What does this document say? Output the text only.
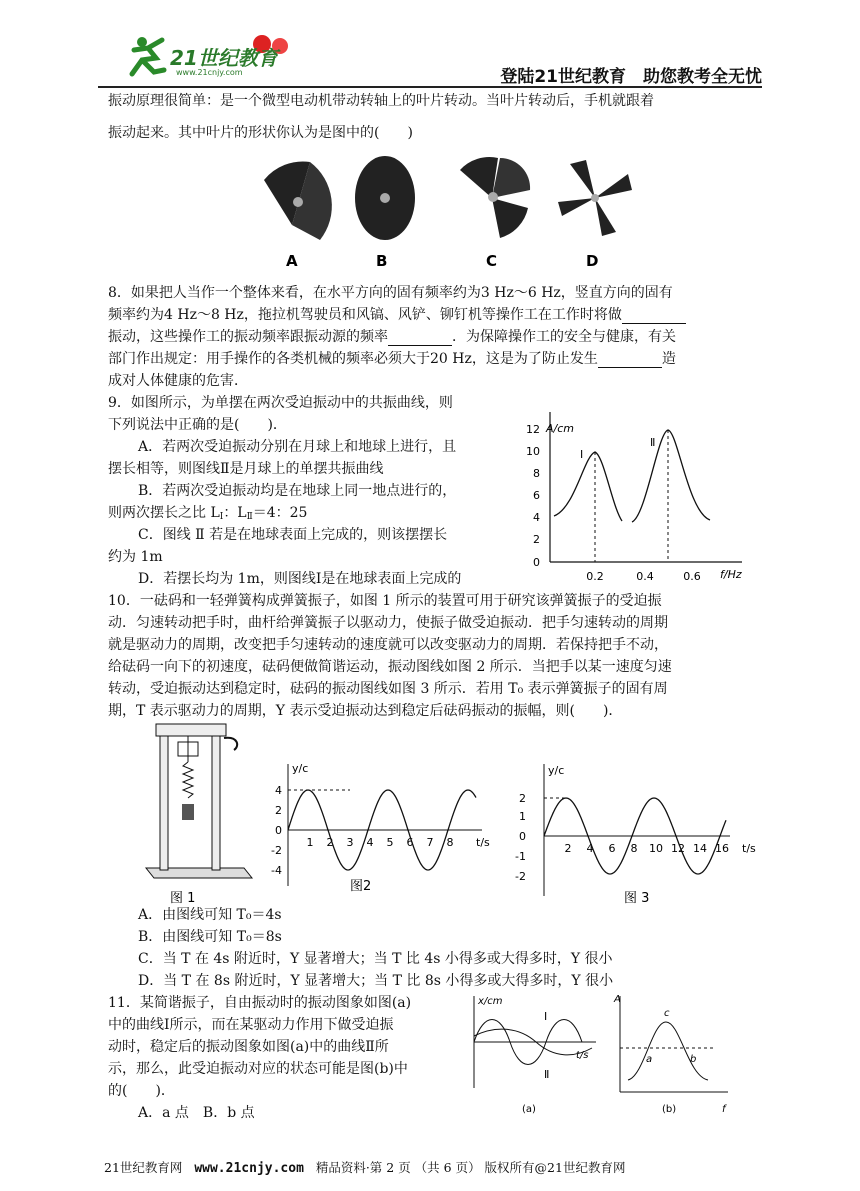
21世纪教育
www.21cnjy.com	登陆21世纪教育　助您教考全无忧
振动原理很简单：是一个微型电动机带动转轴上的叶片转动。当叶片转动后，手机就跟着
振动起来。其中叶片的形状你认为是图中的(　　)
A	B	C	D
8．如果把人当作一个整体来看，在水平方向的固有频率约为3 Hz～6 Hz，竖直方向的固有
频率约为4 Hz～8 Hz，拖拉机驾驶员和风镐、风铲、铆钉机等操作工在工作时将做
振动，这些操作工的振动频率跟振动源的频率	．为保障操作工的安全与健康，有关
部门作出规定：用手操作的各类机械的频率必须大于20 Hz，这是为了防止发生	造
成对人体健康的危害．
9．如图所示，为单摆在两次受迫振动中的共振曲线，则
下列说法中正确的是(　　)．
A．若两次受迫振动分别在月球上和地球上进行，且
摆长相等，则图线Ⅱ是月球上的单摆共振曲线
B．若两次受迫振动均是在地球上同一地点进行的，
则两次摆长之比 $L_Ⅰ$：$L_Ⅱ=4$：25
C．图线 Ⅱ 若是在地球表面上完成的，则该摆摆长
约为 1m
D．若摆长均为 1m，则图线Ⅰ是在地球表面上完成的
A/cm
f/Hz
0
2
4
6
8
10
12
0.2	0.4	0.6
Ⅰ
Ⅱ
10．一砝码和一轻弹簧构成弹簧振子，如图 1 所示的装置可用于研究该弹簧振子的受迫振
动．匀速转动把手时，曲杆给弹簧振子以驱动力，使振子做受迫振动．把手匀速转动的周期
就是驱动力的周期，改变把手匀速转动的速度就可以改变驱动力的周期．若保持把手不动，
给砝码一向下的初速度，砝码便做简谐运动，振动图线如图 2 所示．当把手以某一速度匀速
转动，受迫振动达到稳定时，砝码的振动图线如图 3 所示．若用 T₀ 表示弹簧振子的固有周
期，T 表示驱动力的周期，Y 表示受迫振动达到稳定后砝码振动的振幅，则(　　)．
图 1
y/c
t/s
4
2
0
-2
-4
1 2 3 4 5 6 7 8
图2
y/c
t/s
2
1
0
-1
-2
2 4 6 8 10 12 14 16
图 3
A．由图线可知 T₀＝4s
B．由图线可知 T₀＝8s
C．当 T 在 4s 附近时，Y 显著增大；当 T 比 4s 小得多或大得多时，Y 很小
D．当 T 在 8s 附近时，Y 显著增大；当 T 比 8s 小得多或大得多时，Y 很小
11．某简谐振子，自由振动时的振动图象如图(a)
中的曲线Ⅰ所示，而在某驱动力作用下做受迫振
动时，稳定后的振动图象如图(a)中的曲线Ⅱ所
示，那么，此受迫振动对应的状态可能是图(b)中
的(　　)．
A．a 点　B．b 点
x/cm
t/s
Ⅰ
Ⅱ
(a)
A
f
a	b
c
(b)
21世纪教育网 www.21cnjy.com 精品资料·第 2 页 （共 6 页） 版权所有@21世纪教育网
